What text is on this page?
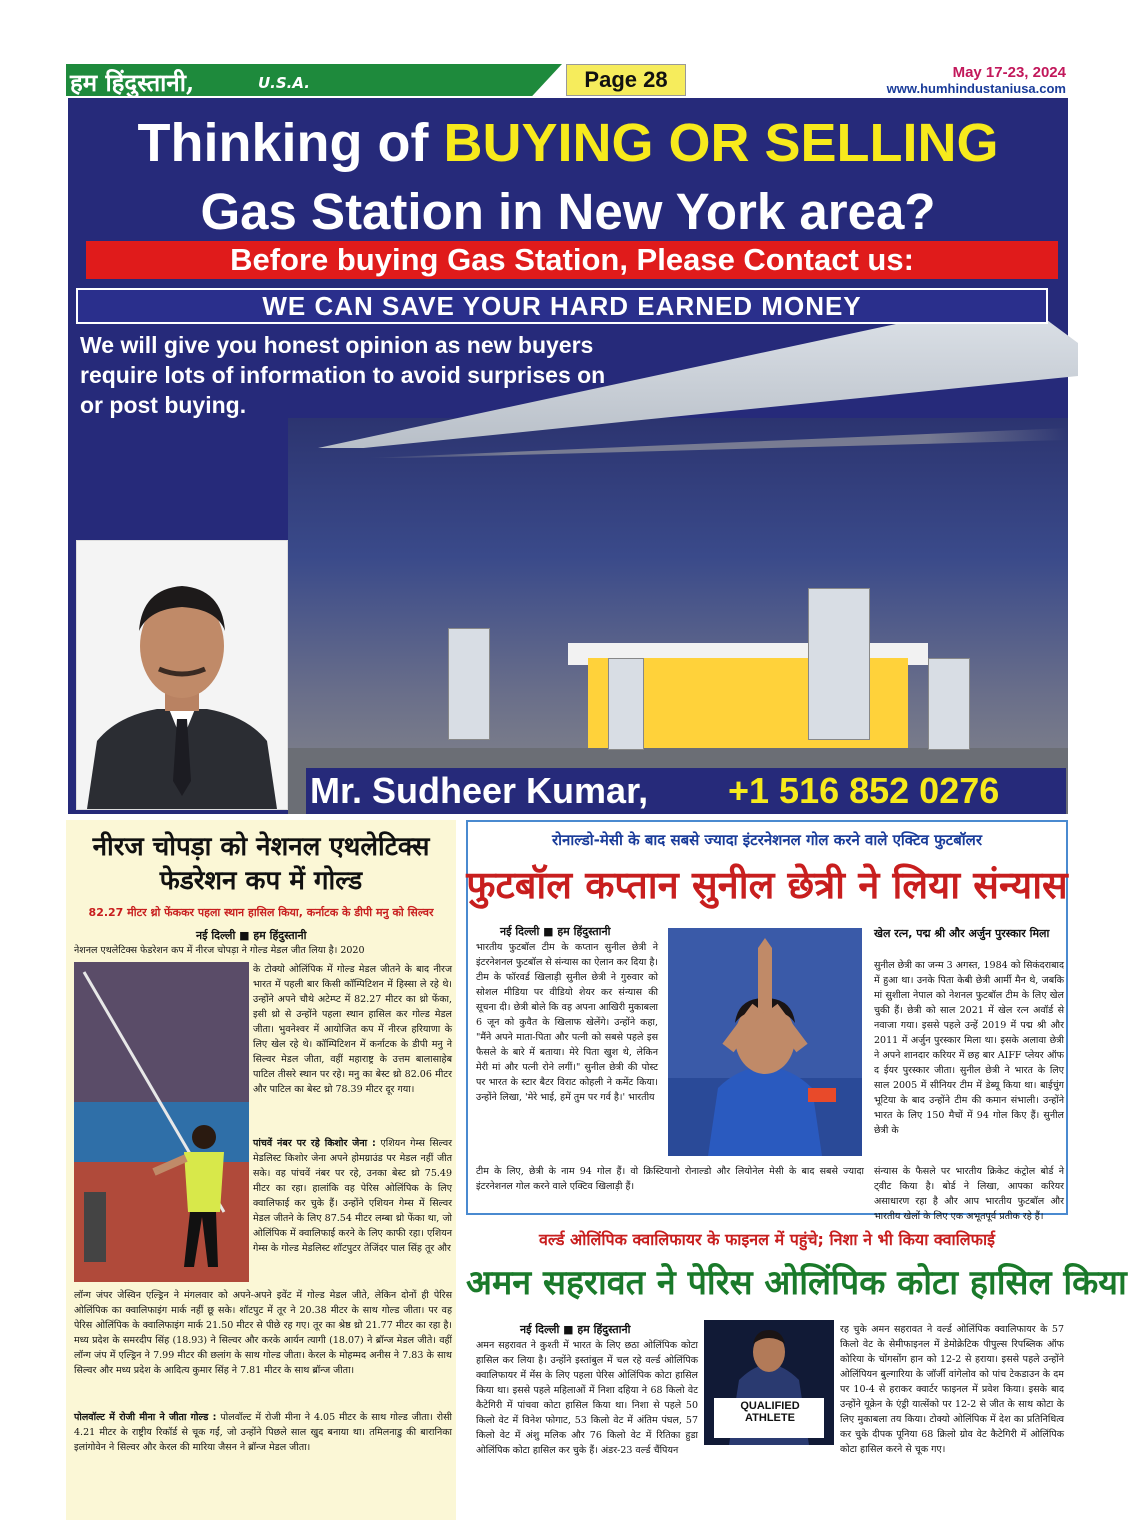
हम हिंदुस्तानी,	U.S.A.	Page 28	May 17-23, 2024
www.humhindustaniusa.com
Thinking of BUYING OR SELLING
Gas Station in New York area?
Before buying Gas Station, Please Contact us:
WE CAN SAVE YOUR HARD EARNED MONEY
We will give you honest opinion as new buyers require lots of information to avoid surprises on or post buying.
Mr. Sudheer Kumar, +1 516 852 0276
नीरज चोपड़ा को नेशनल एथलेटिक्स
फेडरेशन कप में गोल्ड
82.27 मीटर थ्रो फेंककर पहला स्थान हासिल किया, कर्नाटक के डीपी मनु को सिल्वर
नई दिल्ली ■ हम हिंदुस्तानी
नेशनल एथलेटिक्स फेडरेशन कप में नीरज चोपड़ा ने गोल्ड मेडल जीत लिया है। 2020
के टोक्यो ओलिंपिक में गोल्ड मेडल जीतने के बाद नीरज भारत में पहली बार किसी कॉम्पिटिशन में हिस्सा ले रहे थे। उन्होंने अपने चौथे अटेम्प्ट में 82.27 मीटर का थ्रो फेंका, इसी थ्रो से उन्होंने पहला स्थान हासिल कर गोल्ड मेडल जीता। भुवनेश्वर में आयोजित कप में नीरज हरियाणा के लिए खेल रहे थे। कॉम्पिटिशन में कर्नाटक के डीपी मनु ने सिल्वर मेडल जीता, वहीं महाराष्ट्र के उत्तम बालासाहेब पाटिल तीसरे स्थान पर रहे। मनु का बेस्ट थ्रो 82.06 मीटर और पाटिल का बेस्ट थ्रो 78.39 मीटर दूर गया।
पांचवें नंबर पर रहे किशोर जेना : एशियन गेम्स सिल्वर मेडलिस्ट किशोर जेना अपने होमग्राउंड पर मेडल नहीं जीत सके। वह पांचवें नंबर पर रहे, उनका बेस्ट थ्रो 75.49 मीटर का रहा। हालांकि वह पेरिस ओलिंपिक के लिए क्वालिफाई कर चुके हैं। उन्होंने एशियन गेम्स में सिल्वर मेडल जीतने के लिए 87.54 मीटर लम्बा थ्रो फेंका था, जो ओलिंपिक में क्वालिफाई करने के लिए काफी रहा। एशियन गेम्स के गोल्ड मेडलिस्ट शॉटपुटर तेजिंदर पाल सिंह तूर और
लॉन्ग जंपर जेस्विन एल्ड्रिन ने मंगलवार को अपने-अपने इवेंट में गोल्ड मेडल जीते, लेकिन दोनों ही पेरिस ओलिंपिक का क्वालिफाइंग मार्क नहीं छू सके। शॉटपुट में तूर ने 20.38 मीटर के साथ गोल्ड जीता। पर वह पेरिस ओलिंपिक के क्वालिफाइंग मार्क 21.50 मीटर से पीछे रह गए। तूर का श्रेष्ठ थ्रो 21.77 मीटर का रहा है। मध्य प्रदेश के समरदीप सिंह (18.93) ने सिल्वर और करके आर्यन त्यागी (18.07) ने ब्रॉन्ज मेडल जीते। वहीं लॉन्ग जंप में एल्ड्रिन ने 7.99 मीटर की छलांग के साथ गोल्ड जीता। केरल के मोहम्मद अनीस ने 7.83 के साथ सिल्वर और मध्य प्रदेश के आदित्य कुमार सिंह ने 7.81 मीटर के साथ ब्रॉन्ज जीता।
पोलवॉल्ट में रोजी मीना ने जीता गोल्ड : पोलवॉल्ट में रोजी मीना ने 4.05 मीटर के साथ गोल्ड जीता। रोसी 4.21 मीटर के राष्ट्रीय रिकॉर्ड से चूक गईं, जो उन्होंने पिछले साल खुद बनाया था। तमिलनाडु की बारानिका इलांगोवेन ने सिल्वर और केरल की मारिया जैसन ने ब्रॉन्ज मेडल जीता।
रोनाल्डो-मेसी के बाद सबसे ज्यादा इंटरनेशनल गोल करने वाले एक्टिव फुटबॉलर
फुटबॉल कप्तान सुनील छेत्री ने लिया संन्यास
नई दिल्ली ■ हम हिंदुस्तानी
भारतीय फुटबॉल टीम के कप्तान सुनील छेत्री ने इंटरनेशनल फुटबॉल से संन्यास का ऐलान कर दिया है। टीम के फॉरवर्ड खिलाड़ी सुनील छेत्री ने गुरुवार को सोशल मीडिया पर वीडियो शेयर कर संन्यास की सूचना दी। छेत्री बोले कि वह अपना आखिरी मुकाबला 6 जून को कुवैत के खिलाफ खेलेंगे। उन्होंने कहा, "मैंने अपने माता-पिता और पत्नी को सबसे पहले इस फैसले के बारे में बताया। मेरे पिता खुश थे, लेकिन मेरी मां और पत्नी रोने लगीं।" सुनील छेत्री की पोस्ट पर भारत के स्टार बैटर विराट कोहली ने कमेंट किया। उन्होंने लिखा, 'मेरे भाई, हमें तुम पर गर्व है।' भारतीय
टीम के लिए, छेत्री के नाम 94 गोल हैं। वो क्रिस्टियानो रोनाल्डो और लियोनेल मेसी के बाद सबसे ज्यादा इंटरनेशनल गोल करने वाले एक्टिव खिलाड़ी हैं।
खेल रत्न, पद्म श्री और अर्जुन पुरस्कार मिला
सुनील छेत्री का जन्म 3 अगस्त, 1984 को सिकंदराबाद में हुआ था। उनके पिता केबी छेत्री आर्मी मैन थे, जबकि मां सुशीला नेपाल को नेशनल फुटबॉल टीम के लिए खेल चुकी हैं। छेत्री को साल 2021 में खेल रत्न अवॉर्ड से नवाजा गया। इससे पहले उन्हें 2019 में पद्म श्री और 2011 में अर्जुन पुरस्कार मिला था। इसके अलावा छेत्री ने अपने शानदार करियर में छह बार AIFF प्लेयर ऑफ द ईयर पुरस्कार जीता। सुनील छेत्री ने भारत के लिए साल 2005 में सीनियर टीम में डेब्यू किया था। बाईचुंग भूटिया के बाद उन्होंने टीम की कमान संभाली। उन्होंने भारत के लिए 150 मैचों में 94 गोल किए हैं। सुनील छेत्री के
संन्यास के फैसले पर भारतीय क्रिकेट कंट्रोल बोर्ड ने ट्वीट किया है। बोर्ड ने लिखा, आपका करियर असाधारण रहा है और आप भारतीय फुटबॉल और भारतीय खेलों के लिए एक अभूतपूर्व प्रतीक रहे हैं।
वर्ल्ड ओलिंपिक क्वालिफायर के फाइनल में पहुंचे; निशा ने भी किया क्वालिफाई
अमन सहरावत ने पेरिस ओलिंपिक कोटा हासिल किया
नई दिल्ली ■ हम हिंदुस्तानी
अमन सहरावत ने कुश्ती में भारत के लिए छठा ओलिंपिक कोटा हासिल कर लिया है। उन्होंने इस्तांबुल में चल रहे वर्ल्ड ओलिंपिक क्वालिफायर में मेंस के लिए पहला पेरिस ओलिंपिक कोटा हासिल किया था। इससे पहले महिलाओं में निशा दहिया ने 68 किलो वेट कैटेगिरी में पांचवा कोटा हासिल किया था। निशा से पहले 50 किलो वेट में विनेश फोगाट, 53 किलो वेट में अंतिम पंघल, 57 किलो वेट में अंशु मलिक और 76 किलो वेट में रितिका हुडा ओलिंपिक कोटा हासिल कर चुके हैं। अंडर-23 वर्ल्ड चैंपियन
QUALIFIED
ATHLETE
रह चुके अमन सहरावत ने वर्ल्ड ओलिंपिक क्वालिफायर के 57 किलो वेट के सेमीफाइनल में डेमोक्रेटिक पीपुल्स रिपब्लिक ऑफ कोरिया के चोंगसोंग हान को 12-2 से हराया। इससे पहले उन्होंने ओलिंपियन बुल्गारिया के जॉर्जी वांगेलोव को पांच टेकडाउन के दम पर 10-4 से हराकर क्वार्टर फाइनल में प्रवेश किया। इसके बाद उन्होंने यूक्रेन के एंड्री यात्सेंको पर 12-2 से जीत के साथ कोटा के लिए मुकाबला तय किया। टोक्यो ओलिंपिक में देश का प्रतिनिधित्व कर चुके दीपक पूनिया 68 क्रिलो ग्रोव वेट कैटेगिरी में ओलिंपिक कोटा हासिल करने से चूक गए।
